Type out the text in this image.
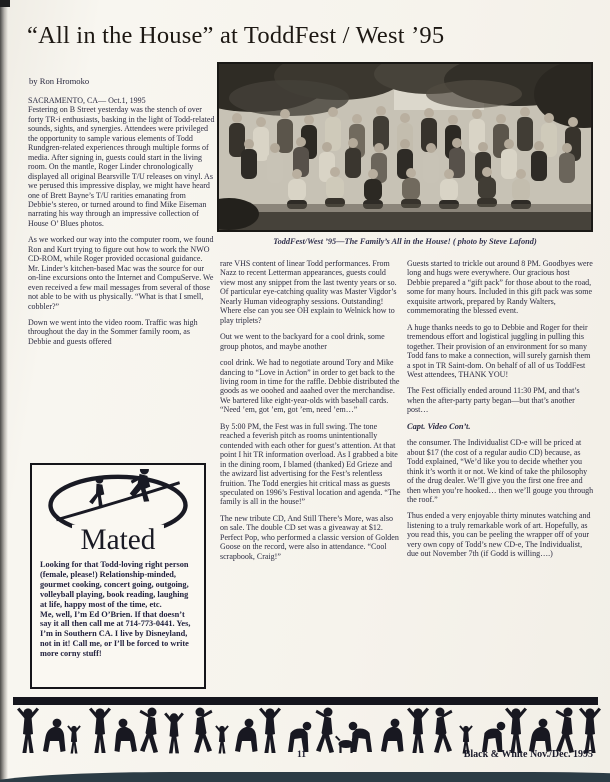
“All in the House” at ToddFest / West ’95
by Ron Hromoko
ToddFest/West ’95—The Family’s All in the House! ( photo by Steve Lafond)

SACRAMENTO, CA— Oct.1, 1995

Festering on B Street yesterday was the stench of over forty TR-i enthusiasts, basking in the light of Todd-related sounds, sights, and synergies. Attendees were privileged the opportunity to sample various elements of Todd Rundgren-related experiences through multiple forms of media. After signing in, guests could start in the living room. On the mantle, Roger Linder chronologically displayed all original Bearsville T/U releases on vinyl. As we perused this impressive display, we might have heard one of Brett Bayne’s T/U rarities emanating from Debbie’s stereo, or turned around to find Mike Eiseman narrating his way through an impressive collection of House O’ Blues photos.

As we worked our way into the computer room, we found Ron and Kurt trying to figure out how to work the NWO CD-ROM, while Roger provided occasional guidance. Mr. Linder’s kitchen-based Mac was the source for our on-line excursions onto the Internet and CompuServe. We even received a few mail messages from several of those not able to be with us physically. “What is that I smell, cobbler?”

Down we went into the video room. Traffic was high throughout the day in the Sommer family room, as Debbie and guests offered

rare VHS content of linear Todd performances. From Nazz to recent Letterman appearances, guests could view most any snippet from the last twenty years or so. Of particular eye-catching quality was Master Vigdor’s Nearly Human videography sessions. Outstanding! Where else can you see OH explain to Welnick how to play triplets?

Out we went to the backyard for a cool drink, some group photos, and maybe another

cool drink. We had to negotiate around Tory and Mike dancing to “Love in Action” in order to get back to the living room in time for the raffle. Debbie distributed the goods as we ooohed and aaahed over the merchandise. We bartered like eight-year-olds with baseball cards. “Need ’em, got ’em, got ’em, need ’em…”

By 5:00 PM, the Fest was in full swing. The tone reached a feverish pitch as rooms unintentionally contended with each other for guest’s attention. At that point I hit TR information overload. As I grabbed a bite in the dining room, I blamed (thanked) Ed Grieze and the awizard list advertising for the Fest’s relentless fruition. The Todd energies hit critical mass as guests speculated on 1996’s Festival location and agenda. “The family is all in the house!”

The new tribute CD, And Still There’s More, was also on sale. The double CD set was a giveaway at $12. Perfect Pop, who performed a classic version of Golden Goose on the record, were also in attendance. “Cool scrapbook, Craig!”

Guests started to trickle out around 8 PM. Goodbyes were long and hugs were everywhere. Our gracious host Debbie prepared a “gift pack” for those about to the road, some for many hours. Included in this gift pack was some exquisite artwork, prepared by Randy Walters, commemorating the blessed event.

A huge thanks needs to go to Debbie and Roger for their tremendous effort and logistical juggling in pulling this together. Their provision of an environment for so many Todd fans to make a connection, will surely garnish them a spot in TR Saint-dom. On behalf of all of us ToddFest West attendees, THANK YOU!

The Fest officially ended around 11:30 PM, and that’s when the after-party party began—but that’s another post…

Capt. Video Con’t.

the consumer. The Individualist CD-e will be priced at about $17 (the cost of a regular audio CD) because, as Todd explained, “We’d like you to decide whether you think it’s worth it or not. We kind of take the philosophy of the drug dealer. We’ll give you the first one free and then when you’re hooked… then we’ll gouge you through the roof.”

Thus ended a very enjoyable thirty minutes watching and listening to a truly remarkable work of art. Hopefully, as you read this, you can be peeling the wrapper off of your very own copy of Todd’s new CD-e, The Individualist, due out November 7th (if Godd is willing….)

Mated

Looking for that Todd-loving right person (female, please!) Relationship-minded, gourmet cooking, concert going, outgoing, volleyball playing, book reading, laughing at life, happy most of the time, etc.

Me, well, I’m Ed O’Brien. If that doesn’t say it all then call me at 714-773-0441. Yes, I’m in Southern CA. I live by Disneyland, not in it! Call me, or I’ll be forced to write more corny stuff!

11	Black & White Nov./Dec. 1995
